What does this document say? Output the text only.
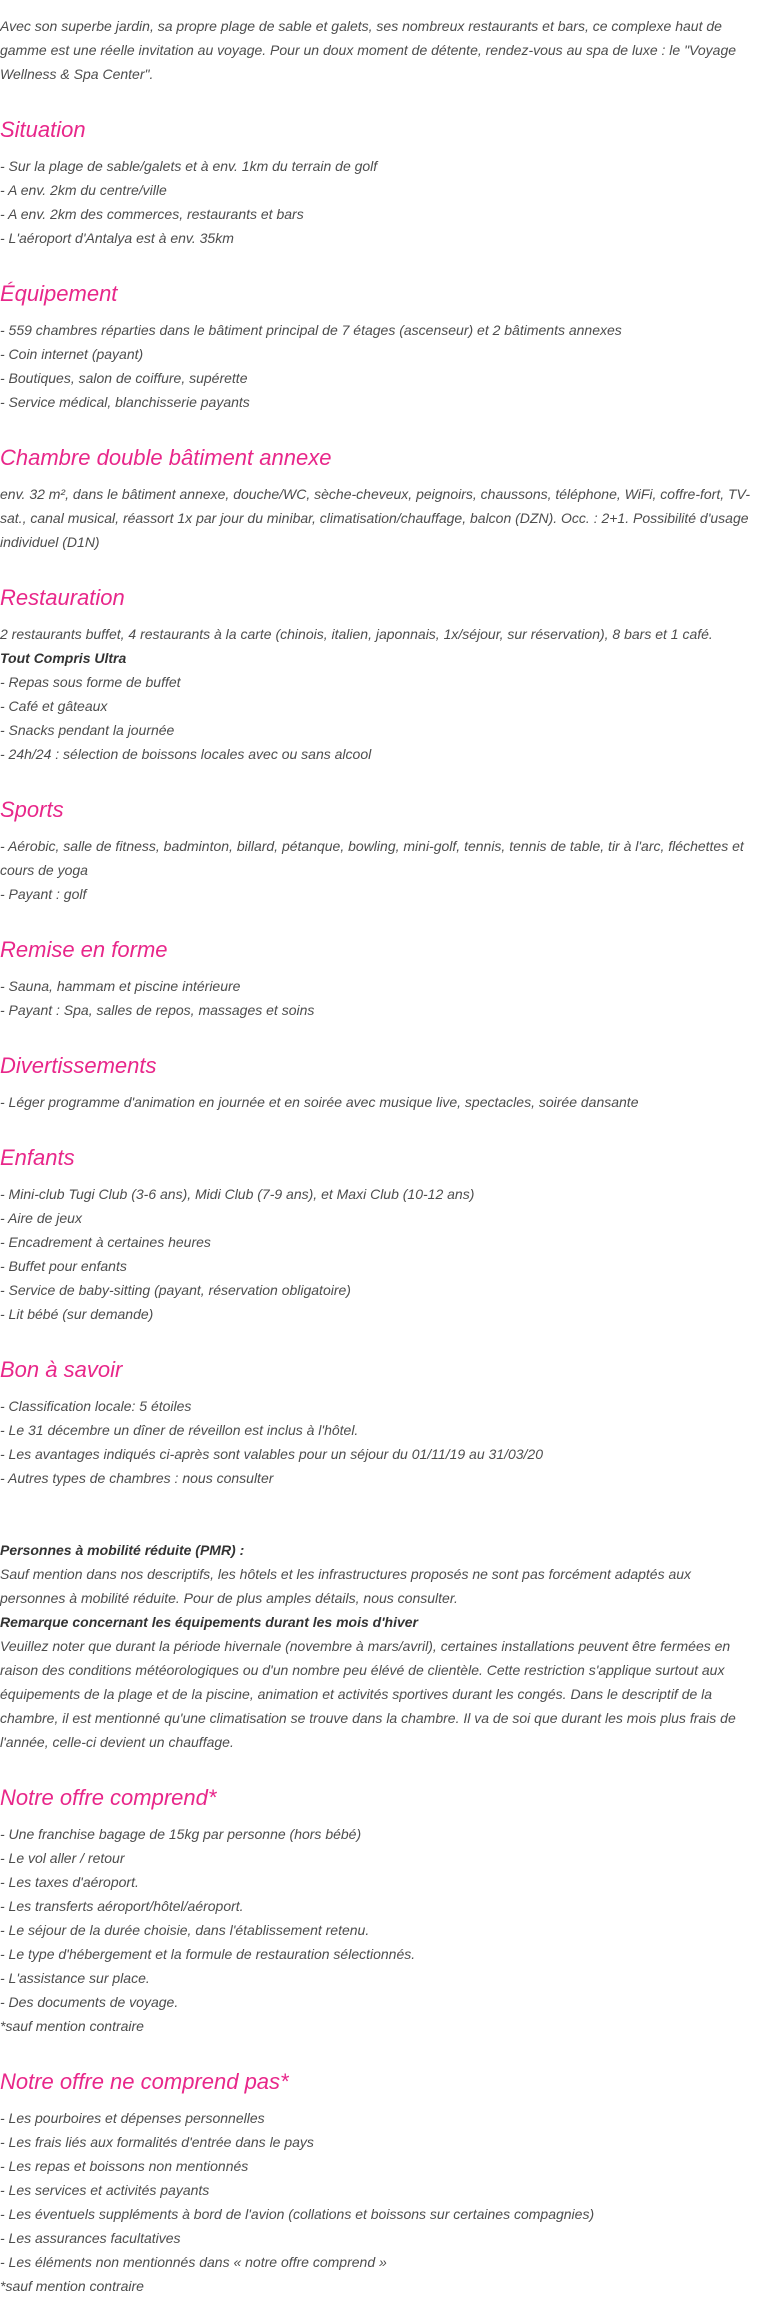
Avec son superbe jardin, sa propre plage de sable et galets, ses nombreux restaurants et bars, ce complexe haut de gamme est une réelle invitation au voyage. Pour un doux moment de détente, rendez-vous au spa de luxe : le "Voyage Wellness & Spa Center".

Situation
- Sur la plage de sable/galets et à env. 1km du terrain de golf
- A env. 2km du centre/ville
- A env. 2km des commerces, restaurants et bars
- L'aéroport d'Antalya est à env. 35km
Équipement
- 559 chambres réparties dans le bâtiment principal de 7 étages (ascenseur) et 2 bâtiments annexes
- Coin internet (payant)
- Boutiques, salon de coiffure, supérette
- Service médical, blanchisserie payants
Chambre double bâtiment annexe

env. 32 m², dans le bâtiment annexe, douche/WC, sèche-cheveux, peignoirs, chaussons, téléphone, WiFi, coffre-fort, TV-sat., canal musical, réassort 1x par jour du minibar, climatisation/chauffage, balcon (DZN). Occ. : 2+1. Possibilité d'usage individuel (D1N)

Restauration

2 restaurants buffet, 4 restaurants à la carte (chinois, italien, japonnais, 1x/séjour, sur réservation), 8 bars et 1 café.

Tout Compris Ultra

- Repas sous forme de buffet
- Café et gâteaux
- Snacks pendant la journée
- 24h/24 : sélection de boissons locales avec ou sans alcool
Sports
- Aérobic, salle de fitness, badminton, billard, pétanque, bowling, mini-golf, tennis, tennis de table, tir à l'arc, fléchettes et cours de yoga
- Payant : golf
Remise en forme
- Sauna, hammam et piscine intérieure
- Payant : Spa, salles de repos, massages et soins
Divertissements
- Léger programme d'animation en journée et en soirée avec musique live, spectacles, soirée dansante
Enfants
- Mini-club Tugi Club (3-6 ans), Midi Club (7-9 ans), et Maxi Club (10-12 ans)
- Aire de jeux
- Encadrement à certaines heures
- Buffet pour enfants
- Service de baby-sitting (payant, réservation obligatoire)
- Lit bébé (sur demande)
Bon à savoir
- Classification locale: 5 étoiles
- Le 31 décembre un dîner de réveillon est inclus à l'hôtel.
- Les avantages indiqués ci-après sont valables pour un séjour du 01/11/19 au 31/03/20
- Autres types de chambres : nous consulter

Personnes à mobilité réduite (PMR) :

Sauf mention dans nos descriptifs, les hôtels et les infrastructures proposés ne sont pas forcément adaptés aux personnes à mobilité réduite. Pour de plus amples détails, nous consulter.

Remarque concernant les équipements durant les mois d'hiver

Veuillez noter que durant la période hivernale (novembre à mars/avril), certaines installations peuvent être fermées en raison des conditions météorologiques ou d'un nombre peu élévé de clientèle. Cette restriction s'applique surtout aux équipements de la plage et de la piscine, animation et activités sportives durant les congés. Dans le descriptif de la chambre, il est mentionné qu'une climatisation se trouve dans la chambre. Il va de soi que durant les mois plus frais de l'année, celle-ci devient un chauffage.

Notre offre comprend*
- Une franchise bagage de 15kg par personne (hors bébé)
- Le vol aller / retour
- Les taxes d'aéroport.
- Les transferts aéroport/hôtel/aéroport.
- Le séjour de la durée choisie, dans l'établissement retenu.
- Le type d'hébergement et la formule de restauration sélectionnés.
- L'assistance sur place.
- Des documents de voyage.

*sauf mention contraire

Notre offre ne comprend pas*
- Les pourboires et dépenses personnelles
- Les frais liés aux formalités d'entrée dans le pays
- Les repas et boissons non mentionnés
- Les services et activités payants
- Les éventuels suppléments à bord de l'avion (collations et boissons sur certaines compagnies)
- Les assurances facultatives
- Les éléments non mentionnés dans « notre offre comprend »

*sauf mention contraire
